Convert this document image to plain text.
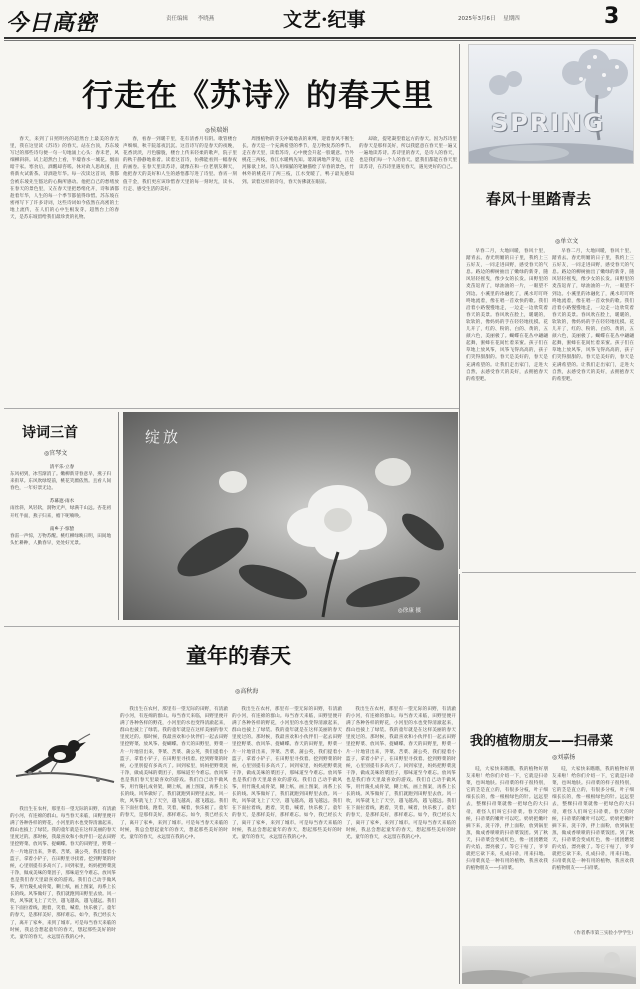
今日高密	责任编辑 李晓燕	文艺·纪事	2025年3月6日 星期四	3
行走在《苏诗》的春天里
◎侯瑞娟

春天，来到了日照明亮的超然台上最美的春光里，我在这里读《苏诗》的春天。站在台顶，苏东坡写过的那些诗句便一句一句地涌上心头：春未老，风细柳斜斜。试上超然台上看，半壕春水一城花。烟雨暗千家。寒食后，酒醒却咨嗟。休对故人思故国，且将新火试新茶。诗酒趁年华。每一次读这首词，我都会被东坡先生豁达的心胸所感动。他把自己的愁绪放在春天的景色里，又在春天里把愁绪化开，诗和酒都趁着年华，人生的每一个季节都值得珍惜。苏东坡在密州写下了许多诗词，这些诗词如今依然在高密的土地上流传，在人们的心中生根发芽。超然台上的春天，是苏东坡留给我们最珍贵的礼物。

春，看春一到暖千里，花有清香月有阴。歌管楼台声细细，秋千院落夜沉沉。这首诗写的是春天的夜晚，花香淡淡，月色朦胧，楼台上传来轻柔的歌声，院子里的秋千静静地垂着。读着这首诗，仿佛能看到一幅春夜的画卷。在春天里读苏诗，就像在和一位老朋友聊天，他把春天的美好和人生的感悟都写进了诗里。春宵一刻值千金，我们更应该珍惜春天里的每一刻时光，读书、行走、感受生活的美好。

周围植物的芽尖冲破地表的束缚，迎着春风不断生长。春天是一个充满希望的季节，是万物复苏的季节。走在春天里，读着苏诗，心中便会升起一股暖意。竹外桃花三两枝，春江水暖鸭先知。蒌蒿满地芦芽短，正是河豚欲上时。诗人用细腻的笔触描绘了早春的景色，竹林外的桃花开了两三枝，江水变暖了，鸭子最先感知到。读着这样的诗句，春天仿佛就在眼前。

却欲，提笔凝望着远方的春天。因为苏诗里的春天是那样美好，所以我愿意在春天里一遍又一遍地读苏诗。苏诗里的春天，是诗人的春天，也是我们每一个人的春天。愿我们都能在春天里读苏诗，在苏诗里遇见春天，遇见更好的自己。

SPRING
春风十里踏青去
◎单立文

早春二月，大地回暖，春风十里，踏青去。春光明媚的日子里，我约上三五好友，一同走进田野，感受春天的气息。路边的柳树抽出了嫩绿的新芽，随风轻轻摇曳，像少女的长发。田野里的麦苗返青了，绿油油的一片，一眼望不到边。小溪里的冰融化了，溪水叮叮咚咚地流着，像在唱一首欢快的歌。我们沿着小路慢慢地走，一边走一边欣赏着春天的美景。春风吹在脸上，暖暖的，软软的，像妈妈的手在轻轻地抚摸。花儿开了，红的、粉的、白的、黄的，五颜六色，美丽极了。蝴蝶在花丛中翩翩起舞，蜜蜂在花间忙着采蜜。孩子们在草地上放风筝，风筝飞得高高的，孩子们笑得甜甜的。春天是美好的，春天是充满希望的。让我们走出家门，走进大自然，去感受春天的美好，去拥抱春天的希望吧。

早春二月，大地回暖，春风十里，踏青去。春光明媚的日子里，我约上三五好友，一同走进田野，感受春天的气息。路边的柳树抽出了嫩绿的新芽，随风轻轻摇曳，像少女的长发。田野里的麦苗返青了，绿油油的一片，一眼望不到边。小溪里的冰融化了，溪水叮叮咚咚地流着，像在唱一首欢快的歌。我们沿着小路慢慢地走，一边走一边欣赏着春天的美景。春风吹在脸上，暖暖的，软软的，像妈妈的手在轻轻地抚摸。花儿开了，红的、粉的、白的、黄的，五颜六色，美丽极了。蝴蝶在花丛中翩翩起舞，蜜蜂在花间忙着采蜜。孩子们在草地上放风筝，风筝飞得高高的，孩子们笑得甜甜的。春天是美好的，春天是充满希望的。让我们走出家门，走进大自然，去感受春天的美好，去拥抱春天的希望吧。

诗词三首
◎官琴文
清平乐·立春
东风初到，冰雪渐消了。嫩柳新芽春意早，燕子归来衔草。东风吹绿堤前，桃花笑靥依然。且看人间春色，一年好景无边。
苏幕遮·雨水
雨丝斜，风轻软，润物无声，绿满千山远。杏花初开红半面，燕子归来，檐下呢喃唤。
南乡子·惊蛰
春雷一声惊，万物苏醒。桃红柳绿映日明，田间地头忙耕种，人勤春早，处处好光景。
绽放
◎徐康 摄
童年的春天
◎高秋海

我出生在农村，那里有一望无际的田野，有清澈的小河，有连绵的群山。每当春天来临，田野里便开满了各种各样的野花，小河里的水也变得清澈起来，群山也披上了绿装。我的童年就是在这样美丽的春天里度过的。那时候，我最喜欢和小伙伴们一起去田野里挖野菜、放风筝、捉蝴蝶。春天的田野里，野菜一片一片地冒出来，荠菜、苦菜、蒲公英，我们提着小篮子，拿着小铲子，在田野里寻找着。挖到野菜的时候，心里别提有多高兴了。回到家里，妈妈把野菜洗干净，做成美味的菜团子，那味道至今难忘。放风筝也是我们春天里最喜欢的游戏。我们自己动手做风筝，用竹篾扎成骨架，糊上纸，画上图案，再系上长长的线。风筝做好了，我们就跑到田野里去放。风一吹，风筝就飞上了天空，越飞越高，越飞越远。我们在下面拉着线，跑着，笑着，喊着，快乐极了。童年的春天，是那样美好，那样难忘。如今，我已经长大了，离开了家乡，来到了城市。可是每当春天来临的时候，我总会想起童年的春天，想起那些美好的时光。童年的春天，永远留在我的心中。

我出生在农村，那里有一望无际的田野，有清澈的小河，有连绵的群山。每当春天来临，田野里便开满了各种各样的野花，小河里的水也变得清澈起来，群山也披上了绿装。我的童年就是在这样美丽的春天里度过的。那时候，我最喜欢和小伙伴们一起去田野里挖野菜、放风筝、捉蝴蝶。春天的田野里，野菜一片一片地冒出来，荠菜、苦菜、蒲公英，我们提着小篮子，拿着小铲子，在田野里寻找着。挖到野菜的时候，心里别提有多高兴了。回到家里，妈妈把野菜洗干净，做成美味的菜团子，那味道至今难忘。放风筝也是我们春天里最喜欢的游戏。我们自己动手做风筝，用竹篾扎成骨架，糊上纸，画上图案，再系上长长的线。风筝做好了，我们就跑到田野里去放。风一吹，风筝就飞上了天空，越飞越高，越飞越远。我们在下面拉着线，跑着，笑着，喊着，快乐极了。童年的春天，是那样美好，那样难忘。如今，我已经长大了，离开了家乡，来到了城市。可是每当春天来临的时候，我总会想起童年的春天，想起那些美好的时光。童年的春天，永远留在我的心中。

我出生在农村，那里有一望无际的田野，有清澈的小河，有连绵的群山。每当春天来临，田野里便开满了各种各样的野花，小河里的水也变得清澈起来，群山也披上了绿装。我的童年就是在这样美丽的春天里度过的。那时候，我最喜欢和小伙伴们一起去田野里挖野菜、放风筝、捉蝴蝶。春天的田野里，野菜一片一片地冒出来，荠菜、苦菜、蒲公英，我们提着小篮子，拿着小铲子，在田野里寻找着。挖到野菜的时候，心里别提有多高兴了。回到家里，妈妈把野菜洗干净，做成美味的菜团子，那味道至今难忘。放风筝也是我们春天里最喜欢的游戏。我们自己动手做风筝，用竹篾扎成骨架，糊上纸，画上图案，再系上长长的线。风筝做好了，我们就跑到田野里去放。风一吹，风筝就飞上了天空，越飞越高，越飞越远。我们在下面拉着线，跑着，笑着，喊着，快乐极了。童年的春天，是那样美好，那样难忘。如今，我已经长大了，离开了家乡，来到了城市。可是每当春天来临的时候，我总会想起童年的春天，想起那些美好的时光。童年的春天，永远留在我的心中。

我出生在农村，那里有一望无际的田野，有清澈的小河，有连绵的群山。每当春天来临，田野里便开满了各种各样的野花，小河里的水也变得清澈起来，群山也披上了绿装。我的童年就是在这样美丽的春天里度过的。那时候，我最喜欢和小伙伴们一起去田野里挖野菜、放风筝、捉蝴蝶。春天的田野里，野菜一片一片地冒出来，荠菜、苦菜、蒲公英，我们提着小篮子，拿着小铲子，在田野里寻找着。挖到野菜的时候，心里别提有多高兴了。回到家里，妈妈把野菜洗干净，做成美味的菜团子，那味道至今难忘。放风筝也是我们春天里最喜欢的游戏。我们自己动手做风筝，用竹篾扎成骨架，糊上纸，画上图案，再系上长长的线。风筝做好了，我们就跑到田野里去放。风一吹，风筝就飞上了天空，越飞越高，越飞越远。我们在下面拉着线，跑着，笑着，喊着，快乐极了。童年的春天，是那样美好，那样难忘。如今，我已经长大了，离开了家乡，来到了城市。可是每当春天来临的时候，我总会想起童年的春天，想起那些美好的时光。童年的春天，永远留在我的心中。

我的植物朋友——扫帚菜
◎刘嘉扬

哇，大家快来瞧瞧，我的植物好朋友来啦！给你们介绍一下，它就是扫帚菜，也叫地肤。扫帚菜的样子很特别，它的茎是直立的，有很多分枝，叶子细细长长的，像一根根绿色的针。远远望去，整棵扫帚菜就像一把绿色的大扫帚，难怪人们叫它扫帚菜。春天的时候，扫帚菜的嫩叶可以吃。奶奶把嫩叶摘下来，洗干净，拌上面粉，放到锅里蒸，做成香喷喷的扫帚菜饭团。到了秋天，扫帚菜会变成红色，像一团团燃烧的火焰，漂亮极了。等它干枯了，爷爷就把它砍下来，扎成扫帚，用来扫地。扫帚菜真是一种有用的植物，我喜欢我的植物朋友——扫帚菜。

哇，大家快来瞧瞧，我的植物好朋友来啦！给你们介绍一下，它就是扫帚菜，也叫地肤。扫帚菜的样子很特别，它的茎是直立的，有很多分枝，叶子细细长长的，像一根根绿色的针。远远望去，整棵扫帚菜就像一把绿色的大扫帚，难怪人们叫它扫帚菜。春天的时候，扫帚菜的嫩叶可以吃。奶奶把嫩叶摘下来，洗干净，拌上面粉，放到锅里蒸，做成香喷喷的扫帚菜饭团。到了秋天，扫帚菜会变成红色，像一团团燃烧的火焰，漂亮极了。等它干枯了，爷爷就把它砍下来，扎成扫帚，用来扫地。扫帚菜真是一种有用的植物，我喜欢我的植物朋友——扫帚菜。

（作者系市第三实验小学学生）
